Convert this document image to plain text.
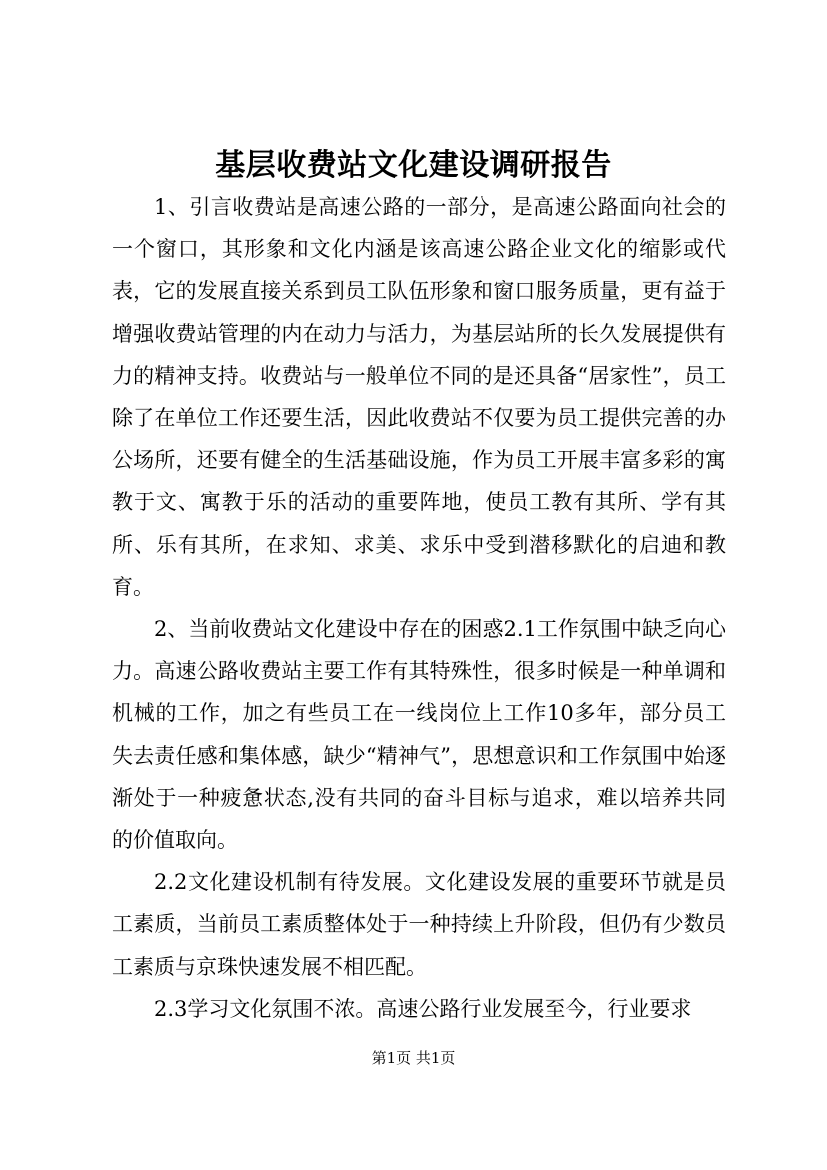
基层收费站文化建设调研报告

1、引言收费站是高速公路的一部分，是高速公路面向社会的一个窗口，其形象和文化内涵是该高速公路企业文化的缩影或代表，它的发展直接关系到员工队伍形象和窗口服务质量，更有益于增强收费站管理的内在动力与活力，为基层站所的长久发展提供有力的精神支持。收费站与一般单位不同的是还具备“居家性”，员工除了在单位工作还要生活，因此收费站不仅要为员工提供完善的办公场所，还要有健全的生活基础设施，作为员工开展丰富多彩的寓教于文、寓教于乐的活动的重要阵地，使员工教有其所、学有其所、乐有其所，在求知、求美、求乐中受到潜移默化的启迪和教育。

2、当前收费站文化建设中存在的困惑2.1工作氛围中缺乏向心力。高速公路收费站主要工作有其特殊性，很多时候是一种单调和机械的工作，加之有些员工在一线岗位上工作10多年，部分员工失去责任感和集体感，缺少“精神气”，思想意识和工作氛围中始逐渐处于一种疲惫状态,没有共同的奋斗目标与追求，难以培养共同的价值取向。

2.2文化建设机制有待发展。文化建设发展的重要环节就是员工素质，当前员工素质整体处于一种持续上升阶段，但仍有少数员工素质与京珠快速发展不相匹配。

2.3学习文化氛围不浓。高速公路行业发展至今，行业要求

第1页 共1页
